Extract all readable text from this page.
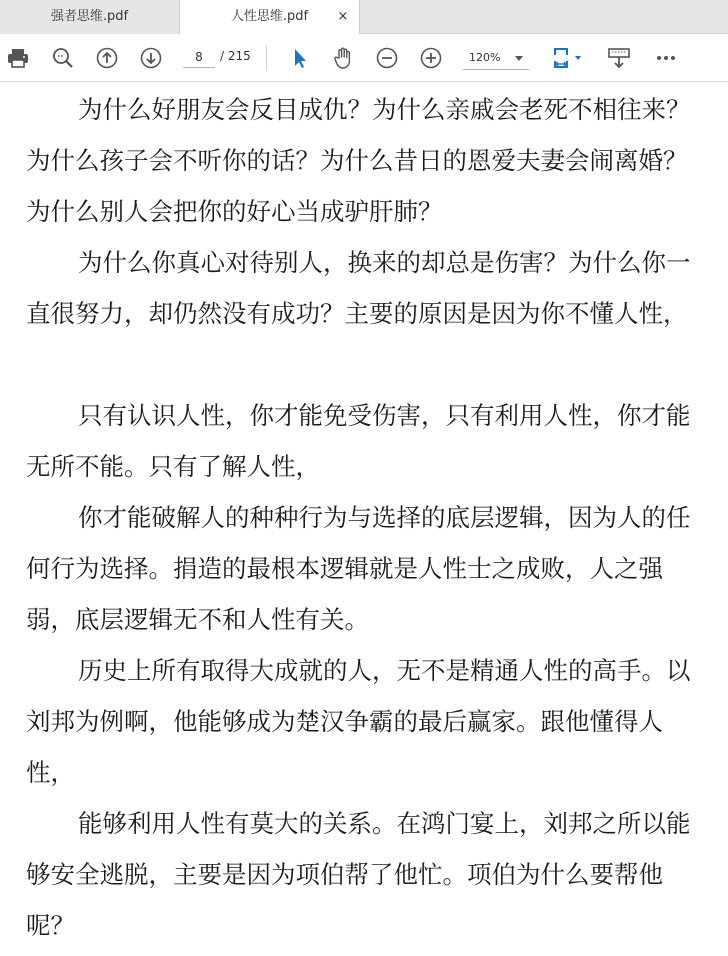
强者思维.pdf	人性思维.pdf ×
8
/ 215	120%

为什么好朋友会反目成仇？为什么亲戚会老死不相往来？为什么孩子会不听你的话？为什么昔日的恩爱夫妻会闹离婚？为什么别人会把你的好心当成驴肝肺？

为什么你真心对待别人，换来的却总是伤害？为什么你一直很努力，却仍然没有成功？主要的原因是因为你不懂人性，

只有认识人性，你才能免受伤害，只有利用人性，你才能无所不能。只有了解人性，

你才能破解人的种种行为与选择的底层逻辑，因为人的任何行为选择。捐造的最根本逻辑就是人性士之成败，人之强弱，底层逻辑无不和人性有关。

历史上所有取得大成就的人，无不是精通人性的高手。以刘邦为例啊，他能够成为楚汉争霸的最后赢家。跟他懂得人性，

能够利用人性有莫大的关系。在鸿门宴上，刘邦之所以能够安全逃脱，主要是因为项伯帮了他忙。项伯为什么要帮他呢？
